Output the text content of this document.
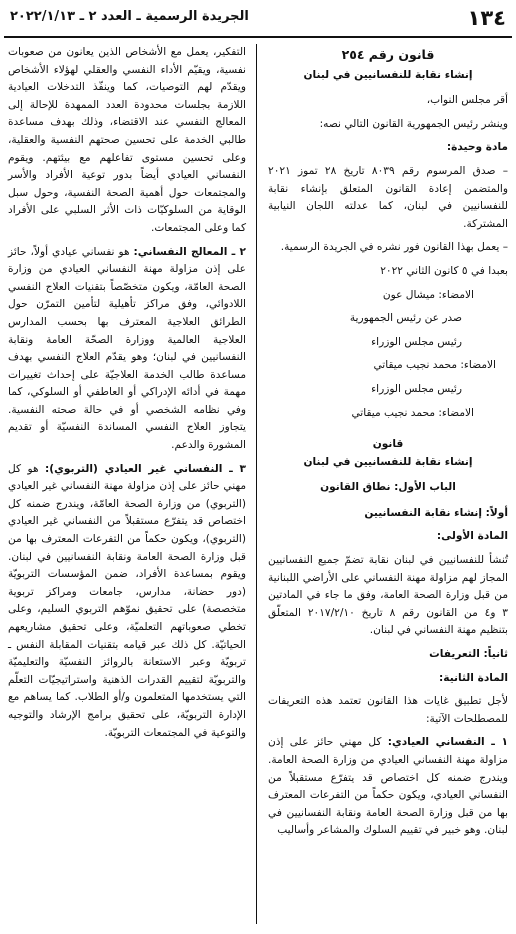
١٣٤
الجريدة الرسمية ـ العدد ٢ ـ ٢٠٢٢/١/١٣
قانون رقم ٢٥٤
إنشاء نقابة للنفسانيين في لبنان

أقر مجلس النواب،

وينشر رئيس الجمهورية القانون التالي نصه:

مادة وحيدة:

– صدق المرسوم رقم ٨٠٣٩ تاريخ ٢٨ تموز ٢٠٢١ والمتضمن إعادة القانون المتعلق بإنشاء نقابة للنفسانيين في لبنان، كما عدلته اللجان النيابية المشتركة.

– يعمل بهذا القانون فور نشره في الجريدة الرسمية.

بعبدا في ٥ كانون الثاني ٢٠٢٢

الامضاء: ميشال عون

صدر عن رئيس الجمهورية

رئيس مجلس الوزراء

الامضاء: محمد نجيب ميقاتي

رئيس مجلس الوزراء

الامضاء: محمد نجيب ميقاتي

قانون
إنشاء نقابة للنفسانيين في لبنان
الباب الأول: نطاق القانون

أولاً: إنشاء نقابة النفسانيين

المادة الأولى:

تُنشأ للنفسانيين في لبنان نقابة تضمّ جميع النفسانيين المجاز لهم مزاولة مهنة النفساني على الأراضي اللبنانية من قبل وزارة الصحة العامة، وفق ما جاء في المادتين ٣ و٤ من القانون رقم ٨ تاريخ ٢٠١٧/٢/١٠ المتعلّق بتنظيم مهنة النفساني في لبنان.

ثانياً: التعريفات

المادة الثانية:

لأجل تطبيق غايات هذا القانون تعتمد هذه التعريفات للمصطلحات الآتية:

١ ـ النفساني العيادي: كل مهني حائز على إذن مزاولة مهنة النفساني العيادي من وزارة الصحة العامة. ويندرج ضمنه كل اختصاص قد يتفرّع مستقبلاً من النفساني العيادي، ويكون حكماً من التفرعات المعترف بها من قبل وزارة الصحة العامة ونقابة النفسانيين في لبنان. وهو خبير في تقييم السلوك والمشاعر وأساليب

التفكير، يعمل مع الأشخاص الذين يعانون من صعوبات نفسية، ويقيّم الأداء النفسي والعقلي لهؤلاء الأشخاص ويقدّم لهم التوصيات، كما وينفّذ التدخلات العيادية اللازمة بجلسات محدودة العدد الممهدة للإحالة إلى المعالج النفسي عند الاقتضاء، وذلك بهدف مساعدة طالبي الخدمة على تحسين صحتهم النفسية والعقلية، وعلى تحسين مستوى تفاعلهم مع بيئتهم. ويقوم النفساني العيادي أيضاً بدور توعية الأفراد والأسر والمجتمعات حول أهمية الصحة النفسية، وحول سبل الوقاية من السلوكيّات ذات الأثر السلبي على الأفراد كما وعلى المجتمعات.

٢ ـ المعالج النفساني: هو نفساني عيادي أولاً، حائز على إذن مزاولة مهنة النفساني العيادي من وزارة الصحة العامّة، ويكون متخصّصاً بتقنيات العلاج النفسي اللادوائي، وفق مراكز تأهيلية لتأمين التمرّن حول الطرائق العلاجية المعترف بها بحسب المدارس العلاجية العالمية ووزارة الصحّة العامة ونقابة النفسانيين في لبنان؛ وهو يقدّم العلاج النفسي بهدف مساعدة طالب الخدمة العلاجيّة على إحداث تغييرات مهمة في أدائه الإدراكي أو العاطفي أو السلوكي، كما وفي نظامه الشخصي أو في حالة صحته النفسية. يتجاوز العلاج النفسي المساندة النفسيّة أو تقديم المشورة والدعم.

٣ ـ النفساني غير العيادي (التربوي): هو كل مهني حائز على إذن مزاولة مهنة النفساني غير العيادي (التربوي) من وزارة الصحة العامّة، ويندرج ضمنه كل اختصاص قد يتفرّع مستقبلاً من النفساني غير العيادي (التربوي)، ويكون حكماً من التفرعات المعترف بها من قبل وزارة الصحة العامة ونقابة النفسانيين في لبنان. ويقوم بمساعدة الأفراد، ضمن المؤسسات التربويّة (دور حضانة، مدارس، جامعات ومراكز تربوية متخصصة) على تحقيق نموّهم التربوي السليم، وعلى تخطي صعوباتهم التعلميّة، وعلى تحقيق مشاريعهم الحياتيّة. كل ذلك عبر قيامه بتقنيات المقابلة النفس ـ تربويّة وعبر الاستعانة بالروائز النفسيّة والتعليميّة والتربويّة لتقييم القدرات الذهنية واستراتيجيّات التعلّم التي يستخدمها المتعلمون و/أو الطلاب. كما يساهم مع الإدارة التربويّة، على تحقيق برامج الإرشاد والتوجيه والتوعية في المجتمعات التربويّة.
